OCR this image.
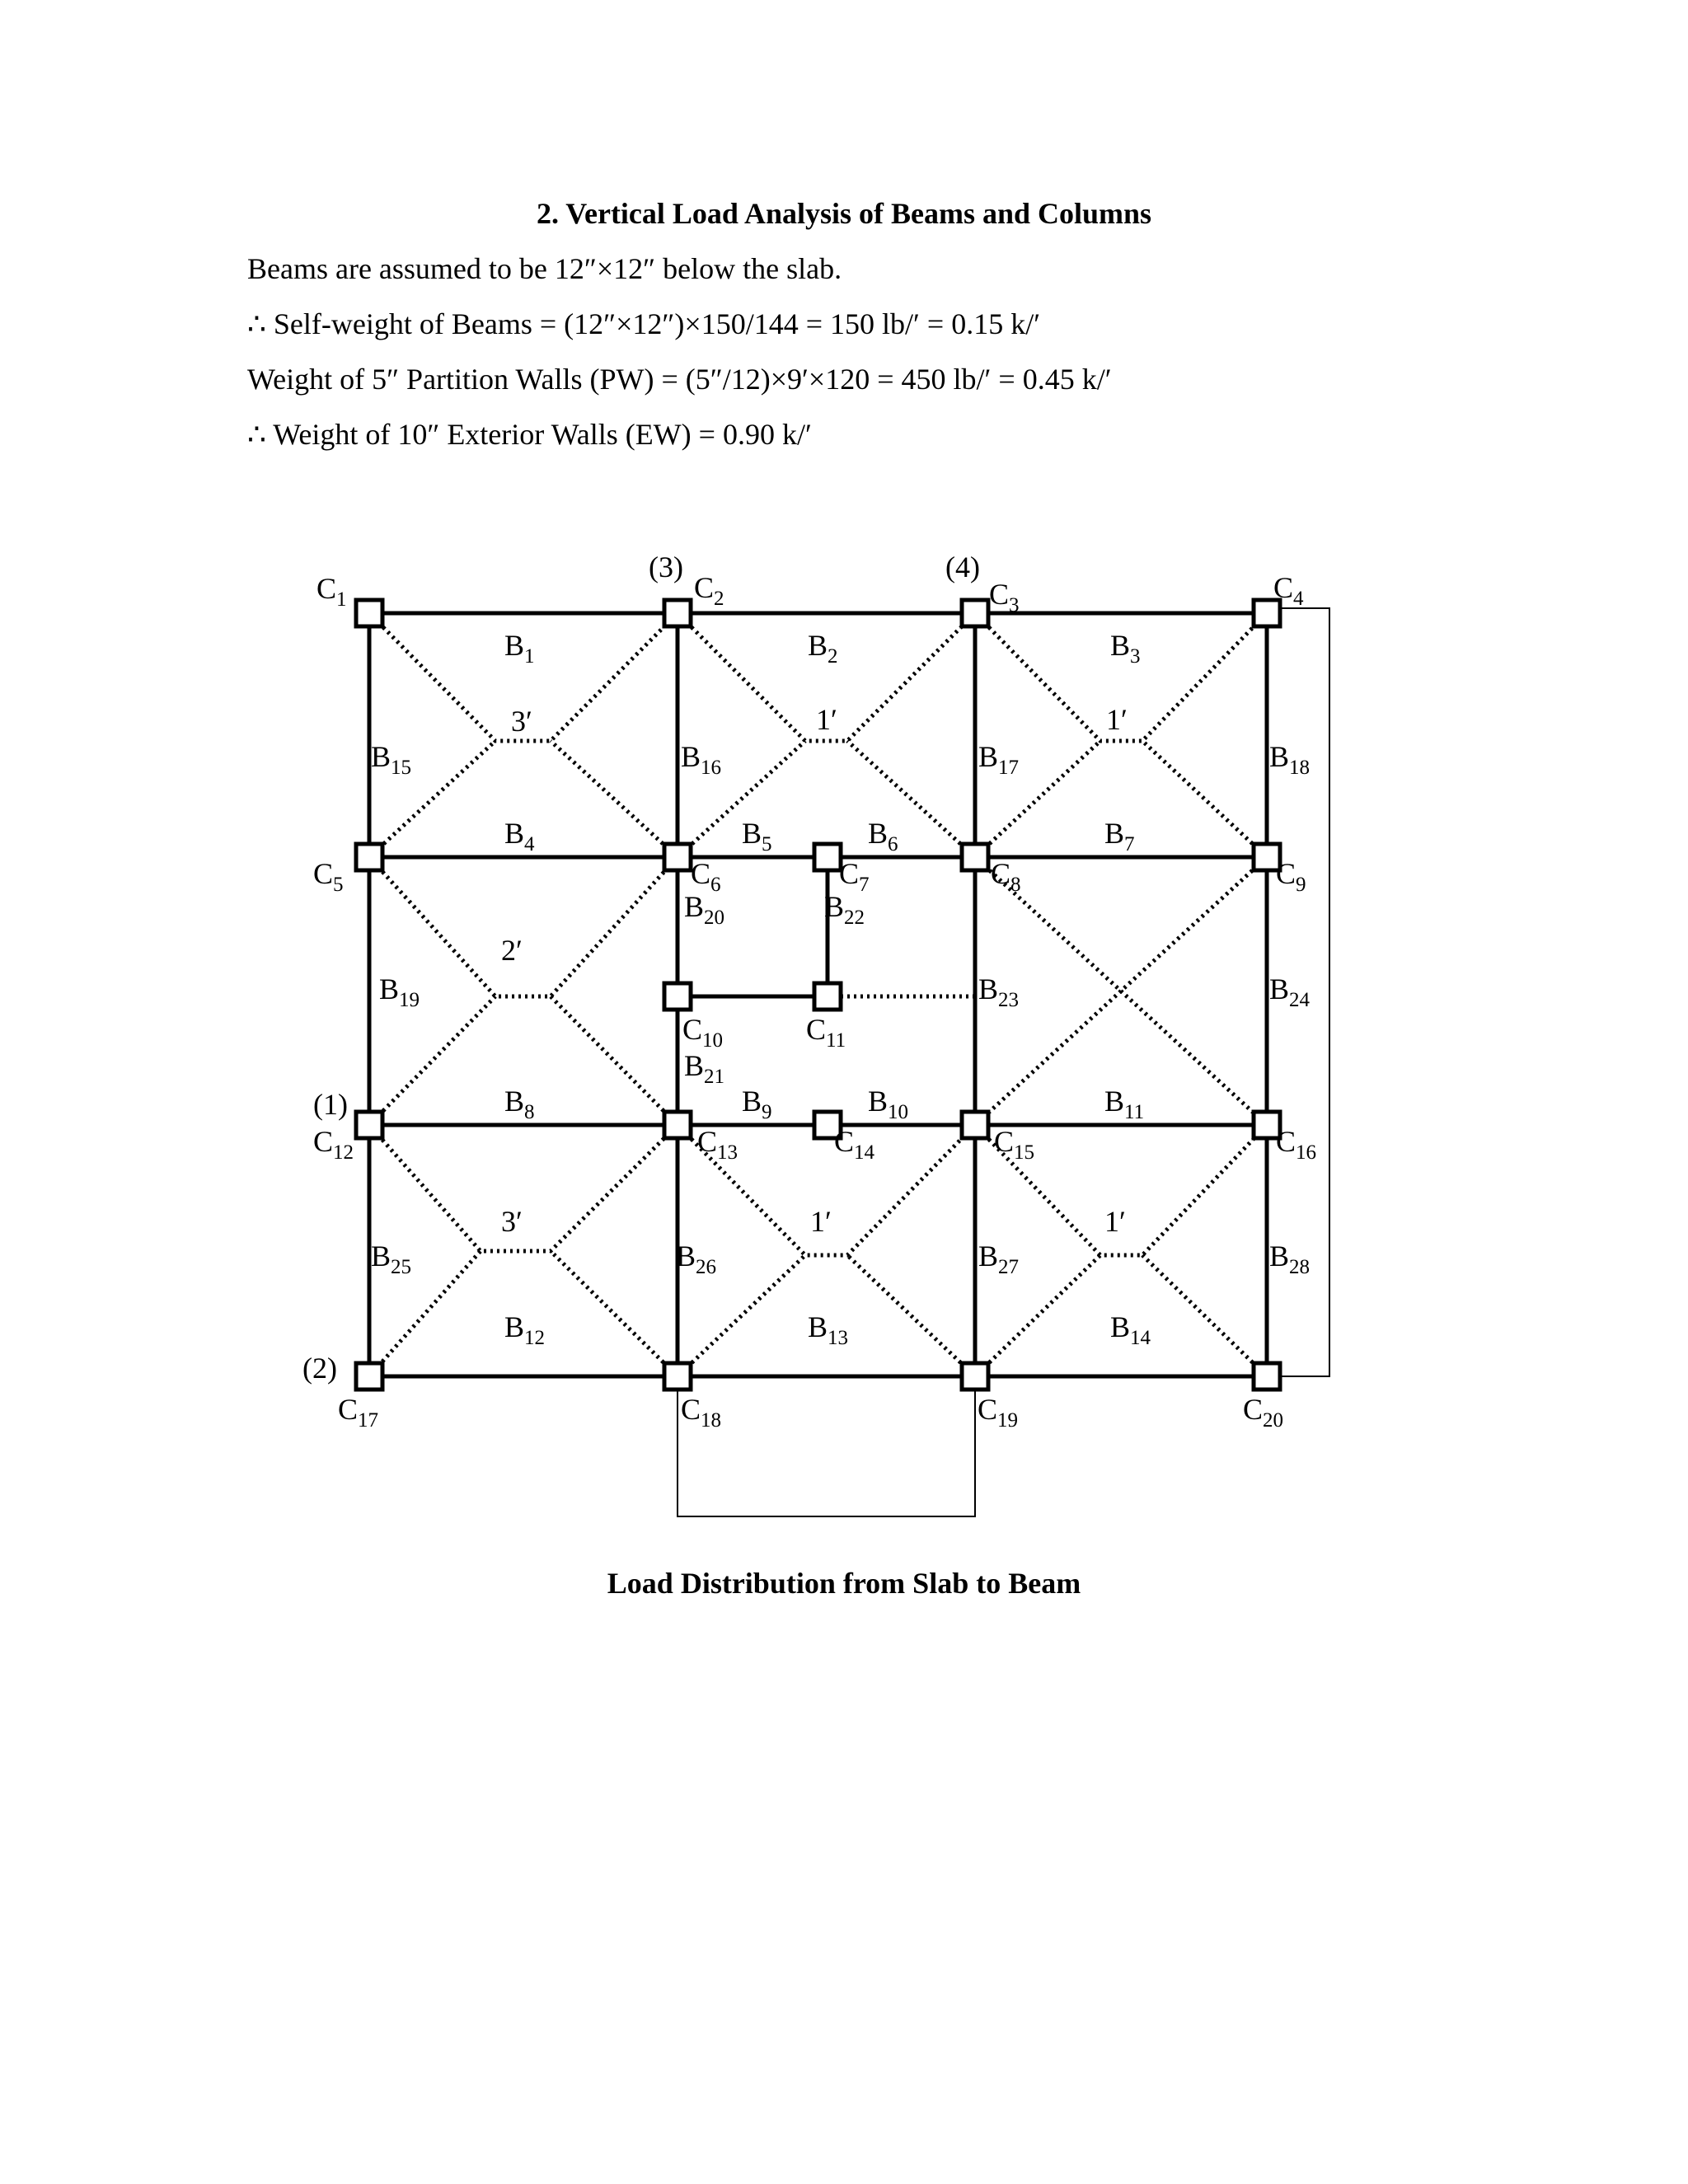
2. Vertical Load Analysis of Beams and Columns
Beams are assumed to be 12″×12″ below the slab.
∴ Self-weight of Beams = (12″×12″)×150/144 = 150 lb/′ = 0.15 k/′
Weight of 5″ Partition Walls (PW) = (5″/12)×9′×120 = 450 lb/′ = 0.45 k/′
∴ Weight of 10″ Exterior Walls (EW) = 0.90 k/′
(1)
(2)
(3)	(4)
$C_1$	$C_2$	$C_3$
$C_4$
$C_5$	$C_6$	$C_7$	$C_8$	$C_9$
$C_{10}$	$C_{11}$
$C_{12}$	$C_{13}$	$C_{14}$	$C_{15}$	$C_{16}$
$C_{17}$	$C_{18}$	$C_{19}$	$C_{20}$
$B_1$	$B_2$	$B_3$
$B_4$	$B_5$	$B_6$	$B_7$
$B_8$	$B_9$	$B_{10}$	$B_{11}$
$B_{12}$	$B_{13}$	$B_{14}$
$B_{15}$	$B_{16}$	$B_{17}$	$B_{18}$
$B_{19}$
$B_{20}$
$B_{21}$
$B_{22}$
$B_{23}$	$B_{24}$
$B_{25}$	$B_{26}$	$B_{27}$	$B_{28}$
3′	1′	1′
2′
3′	1′	1′
Load Distribution from Slab to Beam
